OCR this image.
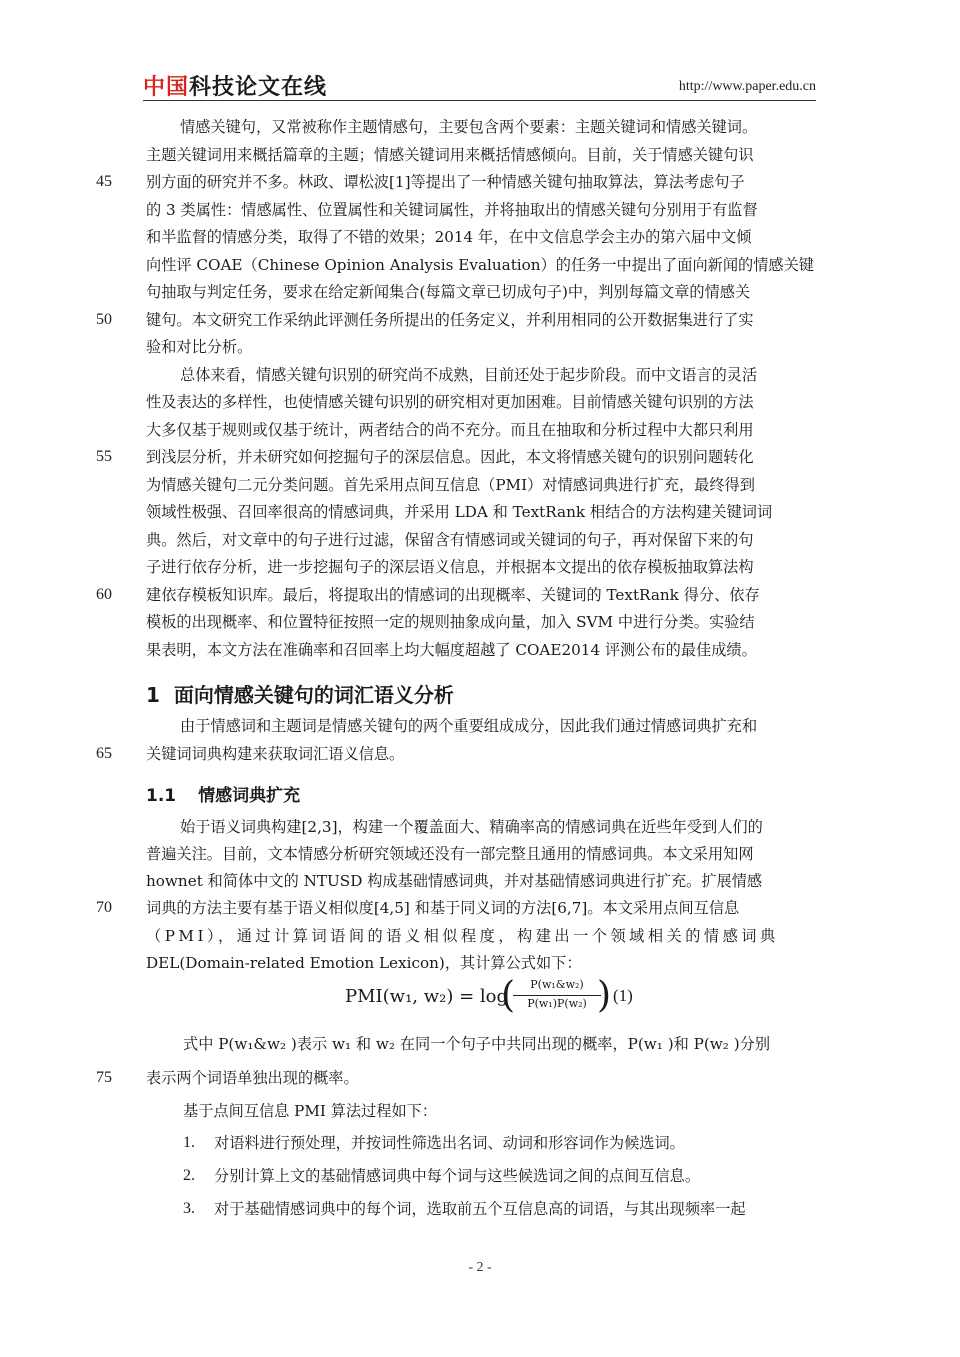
中国科技论文在线	http://www.paper.edu.cn
情感关键句，又常被称作主题情感句，主要包含两个要素：主题关键词和情感关键词。
主题关键词用来概括篇章的主题；情感关键词用来概括情感倾向。目前，关于情感关键句识
别方面的研究并不多。林政、谭松波[1]等提出了一种情感关键句抽取算法，算法考虑句子
的 3 类属性：情感属性、位置属性和关键词属性，并将抽取出的情感关键句分别用于有监督
和半监督的情感分类，取得了不错的效果；2014 年，在中文信息学会主办的第六届中文倾
向性评 COAE（Chinese Opinion Analysis Evaluation）的任务一中提出了面向新闻的情感关键
句抽取与判定任务，要求在给定新闻集合(每篇文章已切成句子)中，判别每篇文章的情感关
键句。本文研究工作采纳此评测任务所提出的任务定义，并利用相同的公开数据集进行了实
验和对比分析。
总体来看，情感关键句识别的研究尚不成熟，目前还处于起步阶段。而中文语言的灵活
性及表达的多样性，也使情感关键句识别的研究相对更加困难。目前情感关键句识别的方法
大多仅基于规则或仅基于统计，两者结合的尚不充分。而且在抽取和分析过程中大都只利用
到浅层分析，并未研究如何挖掘句子的深层信息。因此，本文将情感关键句的识别问题转化
为情感关键句二元分类问题。首先采用点间互信息（PMI）对情感词典进行扩充，最终得到
领域性极强、召回率很高的情感词典，并采用 LDA 和 TextRank 相结合的方法构建关键词词
典。然后，对文章中的句子进行过滤，保留含有情感词或关键词的句子，再对保留下来的句
子进行依存分析，进一步挖掘句子的深层语义信息，并根据本文提出的依存模板抽取算法构
建依存模板知识库。最后，将提取出的情感词的出现概率、关键词的 TextRank 得分、依存
模板的出现概率、和位置特征按照一定的规则抽象成向量，加入 SVM 中进行分类。实验结
果表明，本文方法在准确率和召回率上均大幅度超越了 COAE2014 评测公布的最佳成绩。
1 面向情感关键句的词汇语义分析
由于情感词和主题词是情感关键句的两个重要组成成分，因此我们通过情感词典扩充和
关键词词典构建来获取词汇语义信息。
1.1 情感词典扩充
始于语义词典构建[2,3]，构建一个覆盖面大、精确率高的情感词典在近些年受到人们的
普遍关注。目前，文本情感分析研究领域还没有一部完整且通用的情感词典。本文采用知网
hownet 和简体中文的 NTUSD 构成基础情感词典，并对基础情感词典进行扩充。扩展情感
词典的方法主要有基于语义相似度[4,5] 和基于同义词的方法[6,7]。本文采用点间互信息
（PMI），通过计算词语间的语义相似程度，构建出一个领域相关的情感词典
DEL(Domain-related Emotion Lexicon)，其计算公式如下：
PMI(w₁, w₂) = log
(	P(w₁&w₂)
P(w₁)P(w₂) ) (1)
式中 P(w₁&w₂ )表示 w₁ 和 w₂ 在同一个句子中共同出现的概率，P(w₁ )和 P(w₂ )分别
表示两个词语单独出现的概率。
基于点间互信息 PMI 算法过程如下：
1. 对语料进行预处理，并按词性筛选出名词、动词和形容词作为候选词。
2. 分别计算上文的基础情感词典中每个词与这些候选词之间的点间互信息。
3. 对于基础情感词典中的每个词，选取前五个互信息高的词语，与其出现频率一起
45
50
55
60
65
70
75
- 2 -
